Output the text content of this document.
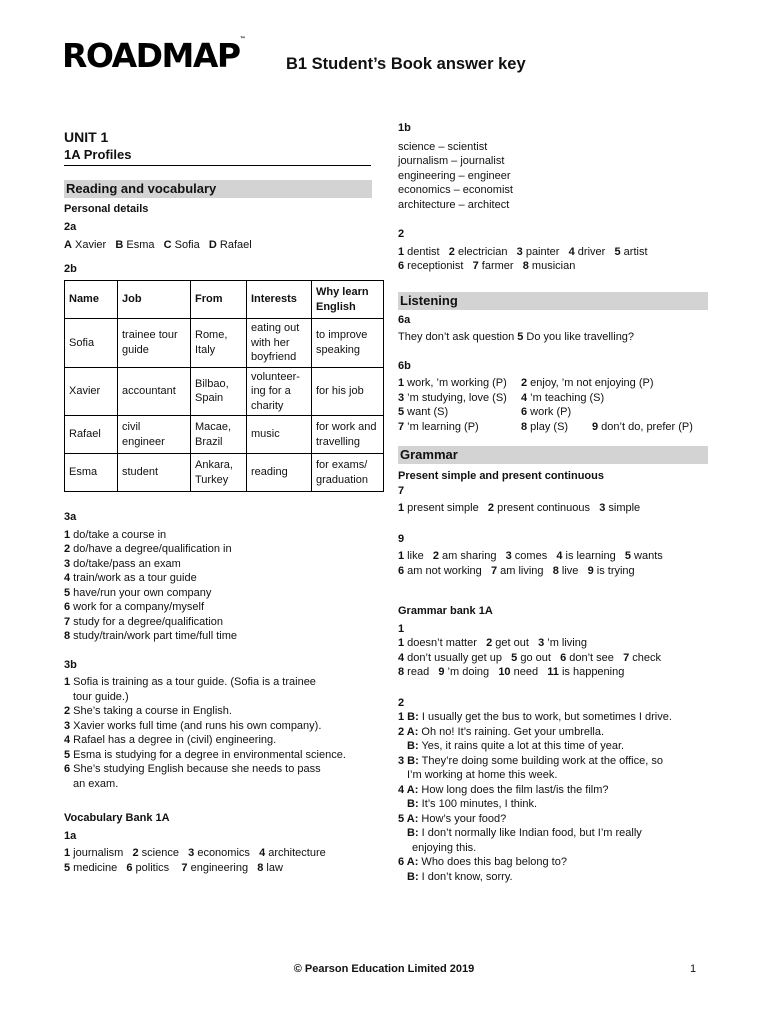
ROADMAP™
B1 Student’s Book answer key
UNIT 1
1A Profiles
Reading and vocabulary
Personal details
2a
A Xavier   B Esma   C Sofia   D Rafael
2b
Name	Job	From	Interests	Why learn English
Sofia	trainee tour guide	Rome, Italy	eating out with her boyfriend	to improve speaking
Xavier	accountant	Bilbao, Spain	volunteer-ing for a charity	for his job
Rafael	civil engineer	Macae, Brazil	music	for work and travelling
Esma	student	Ankara, Turkey	reading	for exams/ graduation
3a
1 do/take a course in
2 do/have a degree/qualification in
3 do/take/pass an exam
4 train/work as a tour guide
5 have/run your own company
6 work for a company/myself
7 study for a degree/qualification
8 study/train/work part time/full time
3b
1 Sofia is training as a tour guide. (Sofia is a trainee
tour guide.)
2 She’s taking a course in English.
3 Xavier works full time (and runs his own company).
4 Rafael has a degree in (civil) engineering.
5 Esma is studying for a degree in environmental science.
6 She’s studying English because she needs to pass
an exam.
Vocabulary Bank 1A
1a
1 journalism   2 science   3 economics   4 architecture
5 medicine   6 politics    7 engineering   8 law
1b
science – scientist
journalism – journalist
engineering – engineer
economics – economist
architecture – architect
2
1 dentist   2 electrician   3 painter   4 driver   5 artist
6 receptionist   7 farmer   8 musician
Listening
6a
They don’t ask question 5 Do you like travelling?
6b
1 work, ’m working (P)	2 enjoy, ’m not enjoying (P)
3 ’m studying, love (S)	4 ’m teaching (S)
5 want (S)	6 work (P)
7 ’m learning (P)	8 play (S)	9 don’t do, prefer (P)
Grammar
Present simple and present continuous
7
1 present simple   2 present continuous   3 simple
9
1 like   2 am sharing   3 comes   4 is learning   5 wants
6 am not working   7 am living   8 live   9 is trying
Grammar bank 1A
1
1 doesn’t matter   2 get out   3 ’m living
4 don’t usually get up   5 go out   6 don’t see   7 check
8 read   9 ’m doing   10 need   11 is happening
2
1 B: I usually get the bus to work, but sometimes I drive.
2 A: Oh no! It’s raining. Get your umbrella.
B: Yes, it rains quite a lot at this time of year.
3 B: They’re doing some building work at the office, so
I’m working at home this week.
4 A: How long does the film last/is the film?
B: It’s 100 minutes, I think.
5 A: How’s your food?
B: I don’t normally like Indian food, but I’m really
enjoying this.
6 A: Who does this bag belong to?
B: I don’t know, sorry.
© Pearson Education Limited 2019	1
